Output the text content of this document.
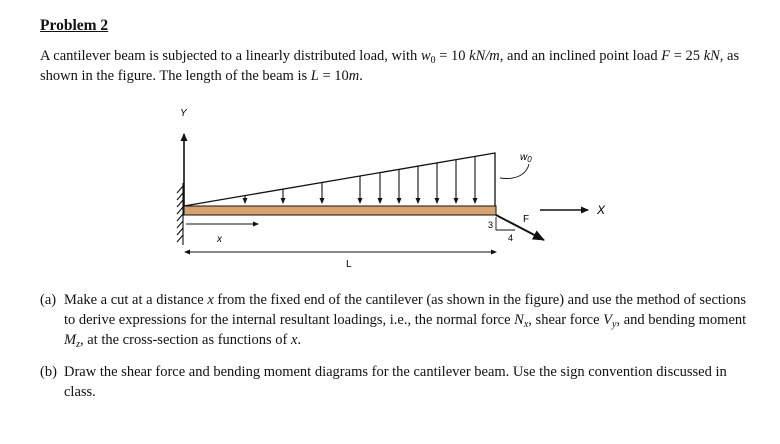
Problem 2
A cantilever beam is subjected to a linearly distributed load, with $w_0 = 10$ kN/m, and an inclined point load F = 25 kN, as shown in the figure. The length of the beam is L = 10m.
Y
$w_0$
X
F
3
4
x
L
(a) Make a cut at a distance x from the fixed end of the cantilever (as shown in the figure) and use the method of sections to derive expressions for the internal resultant loadings, i.e., the normal force $N_x$, shear force $V_y$, and bending moment $M_z$, at the cross-section as functions of x.
(b) Draw the shear force and bending moment diagrams for the cantilever beam. Use the sign convention discussed in class.
